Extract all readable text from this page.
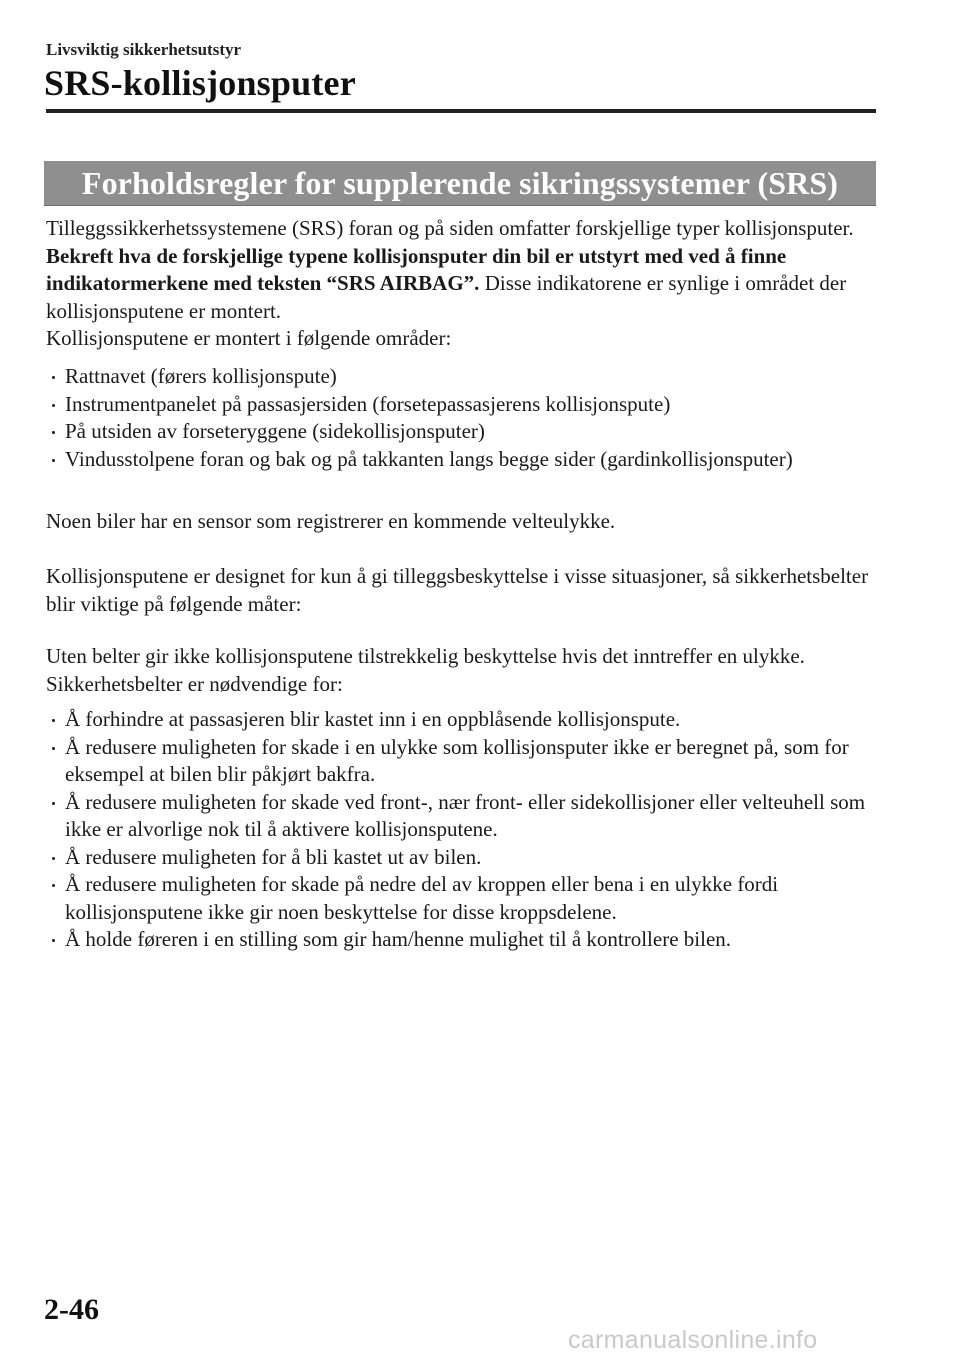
Livsviktig sikkerhetsutstyr
SRS-kollisjonsputer
Forholdsregler for supplerende sikringssystemer (SRS)

Tilleggssikkerhetssystemene (SRS) foran og på siden omfatter forskjellige typer kollisjonsputer. Bekreft hva de forskjellige typene kollisjonsputer din bil er utstyrt med ved å finne indikatormerkene med teksten “SRS AIRBAG”. Disse indikatorene er synlige i området der kollisjonsputene er montert.

Kollisjonsputene er montert i følgende områder:

Rattnavet (førers kollisjonspute)
Instrumentpanelet på passasjersiden (forsetepassasjerens kollisjonspute)
På utsiden av forseteryggene (sidekollisjonsputer)
Vindusstolpene foran og bak og på takkanten langs begge sider (gardinkollisjonsputer)

Noen biler har en sensor som registrerer en kommende velteulykke.

Kollisjonsputene er designet for kun å gi tilleggsbeskyttelse i visse situasjoner, så sikkerhetsbelter blir viktige på følgende måter:

Uten belter gir ikke kollisjonsputene tilstrekkelig beskyttelse hvis det inntreffer en ulykke. Sikkerhetsbelter er nødvendige for:

Å forhindre at passasjeren blir kastet inn i en oppblåsende kollisjonspute.
Å redusere muligheten for skade i en ulykke som kollisjonsputer ikke er beregnet på, som for eksempel at bilen blir påkjørt bakfra.
Å redusere muligheten for skade ved front-, nær front- eller sidekollisjoner eller velteuhell som ikke er alvorlige nok til å aktivere kollisjonsputene.
Å redusere muligheten for å bli kastet ut av bilen.
Å redusere muligheten for skade på nedre del av kroppen eller bena i en ulykke fordi kollisjonsputene ikke gir noen beskyttelse for disse kroppsdelene.
Å holde føreren i en stilling som gir ham/henne mulighet til å kontrollere bilen.
2-46
carmanualsonline.info
